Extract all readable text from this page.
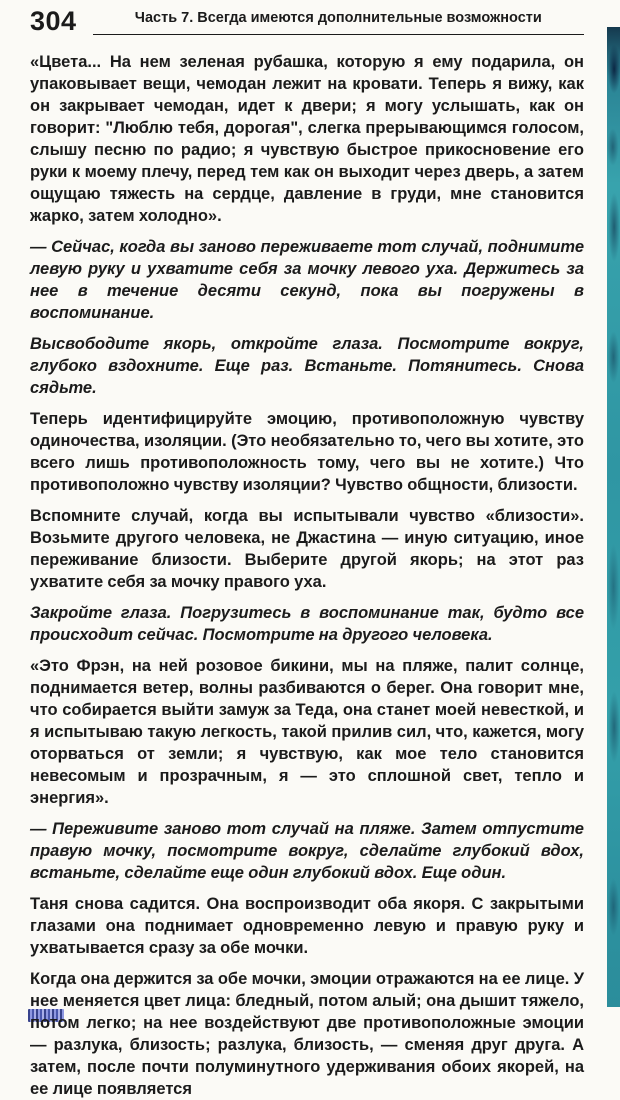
304	Часть 7. Всегда имеются дополнительные возможности

«Цвета... На нем зеленая рубашка, которую я ему подарила, он упаковывает вещи, чемодан лежит на кровати. Теперь я вижу, как он закрывает чемодан, идет к двери; я могу услышать, как он говорит: "Люблю тебя, дорогая", слегка прерывающимся голосом, слышу песню по радио; я чувствую быстрое прикосновение его руки к моему плечу, перед тем как он выходит через дверь, а затем ощущаю тяжесть на сердце, давление в груди, мне становится жарко, затем холодно».

— Сейчас, когда вы заново переживаете тот случай, поднимите левую руку и ухватите себя за мочку левого уха. Держитесь за нее в течение десяти секунд, пока вы погружены в воспоминание.

Высвободите якорь, откройте глаза. Посмотрите вокруг, глубоко вздохните. Еще раз. Встаньте. Потянитесь. Снова сядьте.

Теперь идентифицируйте эмоцию, противоположную чувству одиночества, изоляции. (Это необязательно то, чего вы хотите, это всего лишь противоположность тому, чего вы не хотите.) Что противоположно чувству изоляции? Чувство общности, близости.

Вспомните случай, когда вы испытывали чувство «близости». Возьмите другого человека, не Джастина — иную ситуацию, иное переживание близости. Выберите другой якорь; на этот раз ухватите себя за мочку правого уха.

Закройте глаза. Погрузитесь в воспоминание так, будто все происходит сейчас. Посмотрите на другого человека.

«Это Фрэн, на ней розовое бикини, мы на пляже, палит солнце, поднимается ветер, волны разбиваются о берег. Она говорит мне, что собирается выйти замуж за Теда, она станет моей невесткой, и я испытываю такую легкость, такой прилив сил, что, кажется, могу оторваться от земли; я чувствую, как мое тело становится невесомым и прозрачным, я — это сплошной свет, тепло и энергия».

— Переживите заново тот случай на пляже. Затем отпустите правую мочку, посмотрите вокруг, сделайте глубокий вдох, встаньте, сделайте еще один глубокий вдох. Еще один.

Таня снова садится. Она воспроизводит оба якоря. С закрытыми глазами она поднимает одновременно левую и правую руку и ухватывается сразу за обе мочки.

Когда она держится за обе мочки, эмоции отражаются на ее лице. У нее меняется цвет лица: бледный, потом алый; она дышит тяжело, потом легко; на нее воздействуют две противоположные эмоции — разлука, близость; разлука, близость, — сменяя друг друга. А затем, после почти полуминутного удерживания обоих якорей, на ее лице появляется
